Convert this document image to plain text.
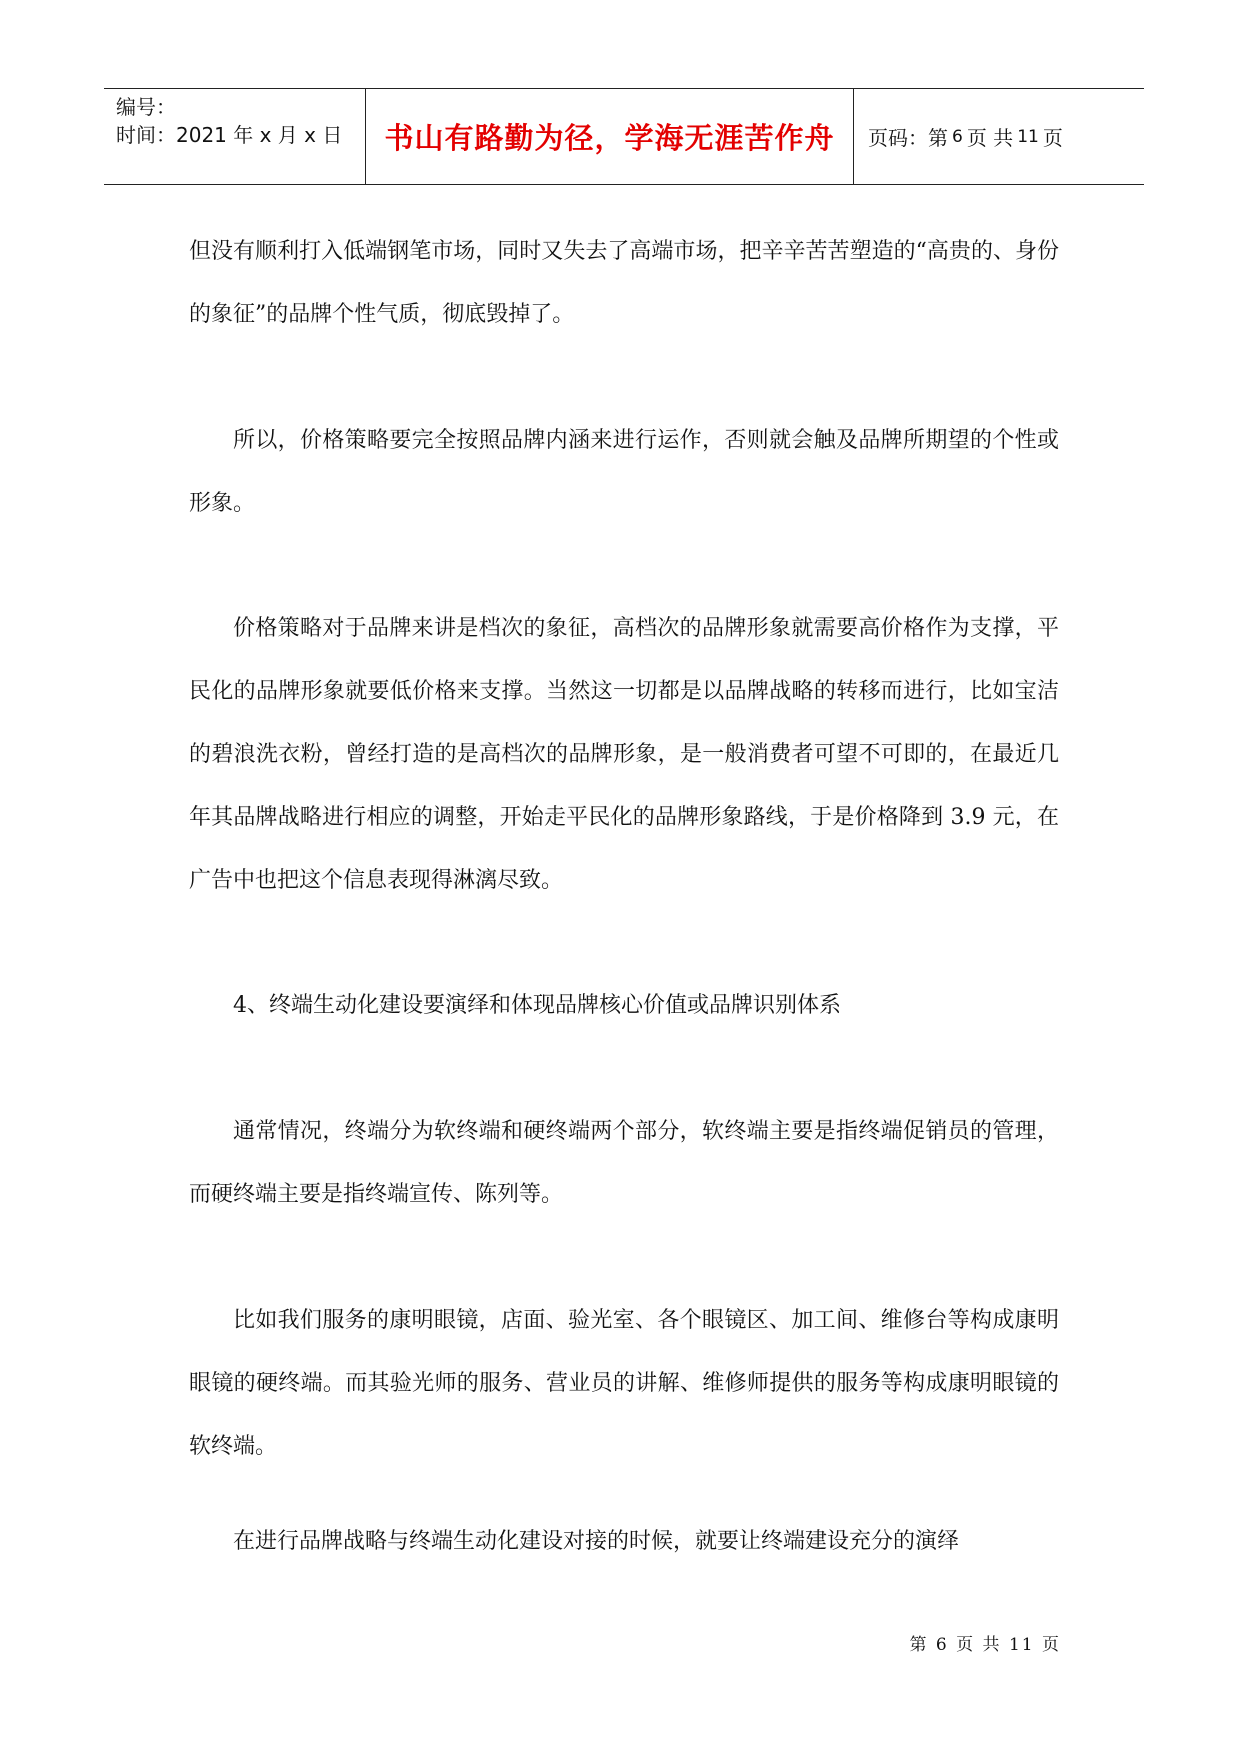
编号：
时间：2021 年 x 月 x 日	书山有路勤为径，学海无涯苦作舟	页码：第 6 页 共 11 页

但没有顺利打入低端钢笔市场，同时又失去了高端市场，把辛辛苦苦塑造的“高贵的、身份的象征”的品牌个性气质，彻底毁掉了。

所以，价格策略要完全按照品牌内涵来进行运作，否则就会触及品牌所期望的个性或形象。

价格策略对于品牌来讲是档次的象征，高档次的品牌形象就需要高价格作为支撑，平民化的品牌形象就要低价格来支撑。当然这一切都是以品牌战略的转移而进行，比如宝洁的碧浪洗衣粉，曾经打造的是高档次的品牌形象，是一般消费者可望不可即的，在最近几年其品牌战略进行相应的调整，开始走平民化的品牌形象路线，于是价格降到 3.9 元，在广告中也把这个信息表现得淋漓尽致。

4、终端生动化建设要演绎和体现品牌核心价值或品牌识别体系

通常情况，终端分为软终端和硬终端两个部分，软终端主要是指终端促销员的管理，而硬终端主要是指终端宣传、陈列等。

比如我们服务的康明眼镜，店面、验光室、各个眼镜区、加工间、维修台等构成康明眼镜的硬终端。而其验光师的服务、营业员的讲解、维修师提供的服务等构成康明眼镜的软终端。

在进行品牌战略与终端生动化建设对接的时候，就要让终端建设充分的演绎

第 6 页 共 11 页
